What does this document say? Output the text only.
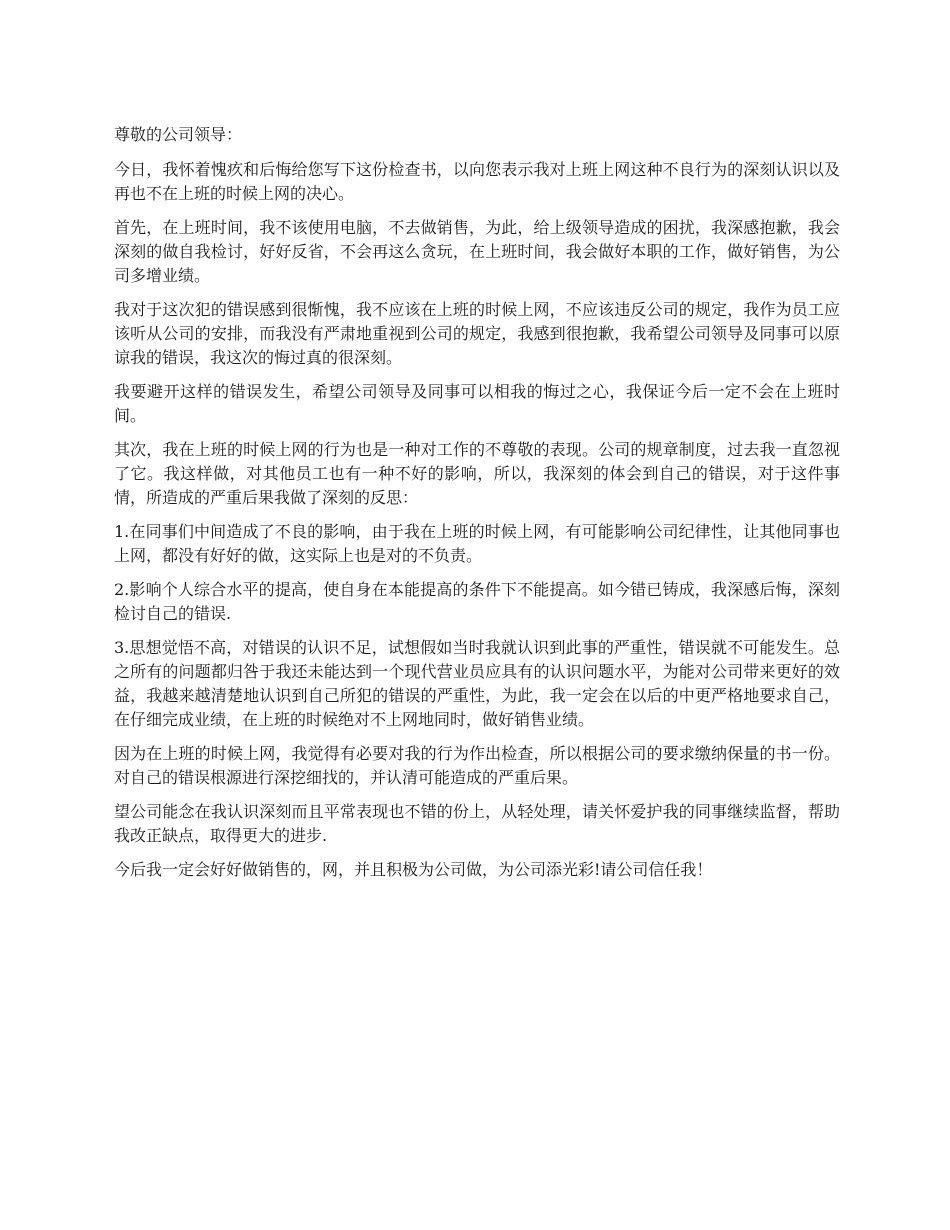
尊敬的公司领导：

今日，我怀着愧疚和后悔给您写下这份检查书，以向您表示我对上班上网这种不良行为的深刻认识以及再也不在上班的时候上网的决心。

首先，在上班时间，我不该使用电脑，不去做销售，为此，给上级领导造成的困扰，我深感抱歉，我会深刻的做自我检讨，好好反省，不会再这么贪玩，在上班时间，我会做好本职的工作，做好销售，为公司多增业绩。

我对于这次犯的错误感到很惭愧，我不应该在上班的时候上网，不应该违反公司的规定，我作为员工应该听从公司的安排，而我没有严肃地重视到公司的规定，我感到很抱歉，我希望公司领导及同事可以原谅我的错误，我这次的悔过真的很深刻。

我要避开这样的错误发生，希望公司领导及同事可以相我的悔过之心，我保证今后一定不会在上班时间。

其次，我在上班的时候上网的行为也是一种对工作的不尊敬的表现。公司的规章制度，过去我一直忽视了它。我这样做，对其他员工也有一种不好的影响，所以，我深刻的体会到自己的错误，对于这件事情，所造成的严重后果我做了深刻的反思：

1.在同事们中间造成了不良的影响，由于我在上班的时候上网，有可能影响公司纪律性，让其他同事也上网，都没有好好的做，这实际上也是对的不负责。

2.影响个人综合水平的提高，使自身在本能提高的条件下不能提高。如今错已铸成，我深感后悔，深刻检讨自己的错误.

3.思想觉悟不高，对错误的认识不足，试想假如当时我就认识到此事的严重性，错误就不可能发生。总之所有的问题都归咎于我还未能达到一个现代营业员应具有的认识问题水平，为能对公司带来更好的效益，我越来越清楚地认识到自己所犯的错误的严重性，为此，我一定会在以后的中更严格地要求自己，在仔细完成业绩，在上班的时候绝对不上网地同时，做好销售业绩。

因为在上班的时候上网，我觉得有必要对我的行为作出检查，所以根据公司的要求缴纳保量的书一份。对自己的错误根源进行深挖细找的，并认清可能造成的严重后果。

望公司能念在我认识深刻而且平常表现也不错的份上，从轻处理，请关怀爱护我的同事继续监督，帮助我改正缺点，取得更大的进步.

今后我一定会好好做销售的，网，并且积极为公司做，为公司添光彩!请公司信任我！
